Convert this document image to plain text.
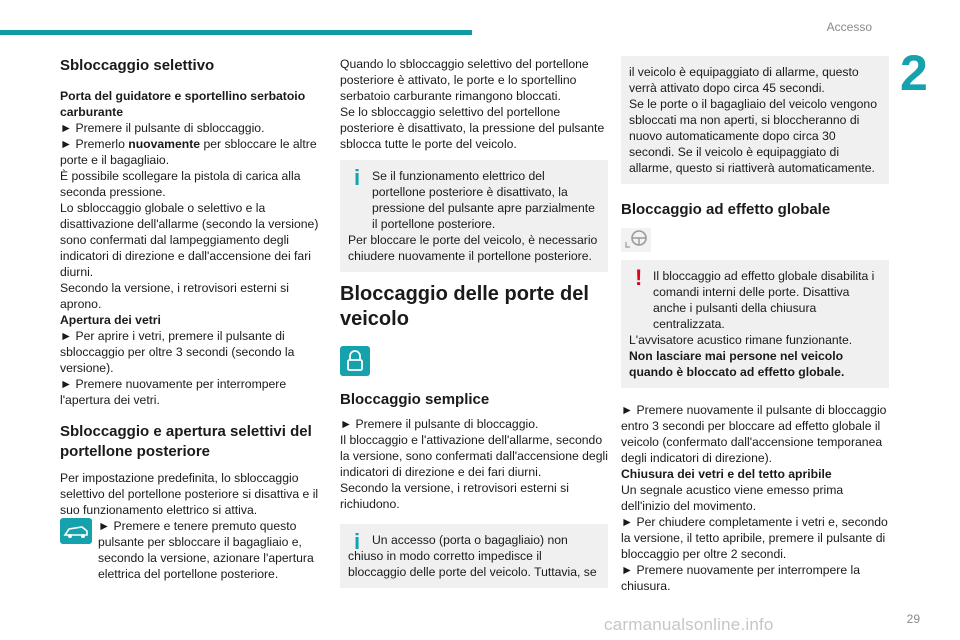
Accesso
2
Sbloccaggio selettivo
Porta del guidatore e sportellino serbatoio carburante

► Premere il pulsante di sbloccaggio.

► Premerlo nuovamente per sbloccare le altre porte e il bagagliaio.

È possibile scollegare la pistola di carica alla seconda pressione.

Lo sbloccaggio globale o selettivo e la disattivazione dell'allarme (secondo la versione) sono confermati dal lampeggiamento degli indicatori di direzione e dall'accensione dei fari diurni.

Secondo la versione, i retrovisori esterni si aprono.

Apertura dei vetri

► Per aprire i vetri, premere il pulsante di sbloccaggio per oltre 3 secondi (secondo la versione).

► Premere nuovamente per interrompere l'apertura dei vetri.

Sbloccaggio e apertura selettivi del portellone posteriore

Per impostazione predefinita, lo sbloccaggio selettivo del portellone posteriore si disattiva e il suo funzionamento elettrico si attiva.

► Premere e tenere premuto questo pulsante per sbloccare il bagagliaio e, secondo la versione, azionare l'apertura elettrica del portellone posteriore.

Quando lo sbloccaggio selettivo del portellone posteriore è attivato, le porte e lo sportellino serbatoio carburante rimangono bloccati.

Se lo sbloccaggio selettivo del portellone posteriore è disattivato, la pressione del pulsante sblocca tutte le porte del veicolo.

i Se il funzionamento elettrico del portellone posteriore è disattivato, la pressione del pulsante apre parzialmente il portellone posteriore.
Per bloccare le porte del veicolo, è necessario chiudere nuovamente il portellone posteriore.
Bloccaggio delle porte del veicolo
Bloccaggio semplice

► Premere il pulsante di bloccaggio.

Il bloccaggio e l'attivazione dell'allarme, secondo la versione, sono confermati dall'accensione degli indicatori di direzione e dei fari diurni.

Secondo la versione, i retrovisori esterni si richiudono.

i Un accesso (porta o bagagliaio) non chiuso in modo corretto impedisce il bloccaggio delle porte del veicolo. Tuttavia, se
il veicolo è equipaggiato di allarme, questo verrà attivato dopo circa 45 secondi.
Se le porte o il bagagliaio del veicolo vengono sbloccati ma non aperti, si bloccheranno di nuovo automaticamente dopo circa 30 secondi. Se il veicolo è equipaggiato di allarme, questo si riattiverà automaticamente.
Bloccaggio ad effetto globale
! Il bloccaggio ad effetto globale disabilita i comandi interni delle porte. Disattiva anche i pulsanti della chiusura centralizzata.
L'avvisatore acustico rimane funzionante.
Non lasciare mai persone nel veicolo quando è bloccato ad effetto globale.

► Premere nuovamente il pulsante di bloccaggio entro 3 secondi per bloccare ad effetto globale il veicolo (confermato dall'accensione temporanea degli indicatori di direzione).

Chiusura dei vetri e del tetto apribile

Un segnale acustico viene emesso prima dell'inizio del movimento.

► Per chiudere completamente i vetri e, secondo la versione, il tetto apribile, premere il pulsante di bloccaggio per oltre 2 secondi.

► Premere nuovamente per interrompere la chiusura.

carmanualsonline.info	29
